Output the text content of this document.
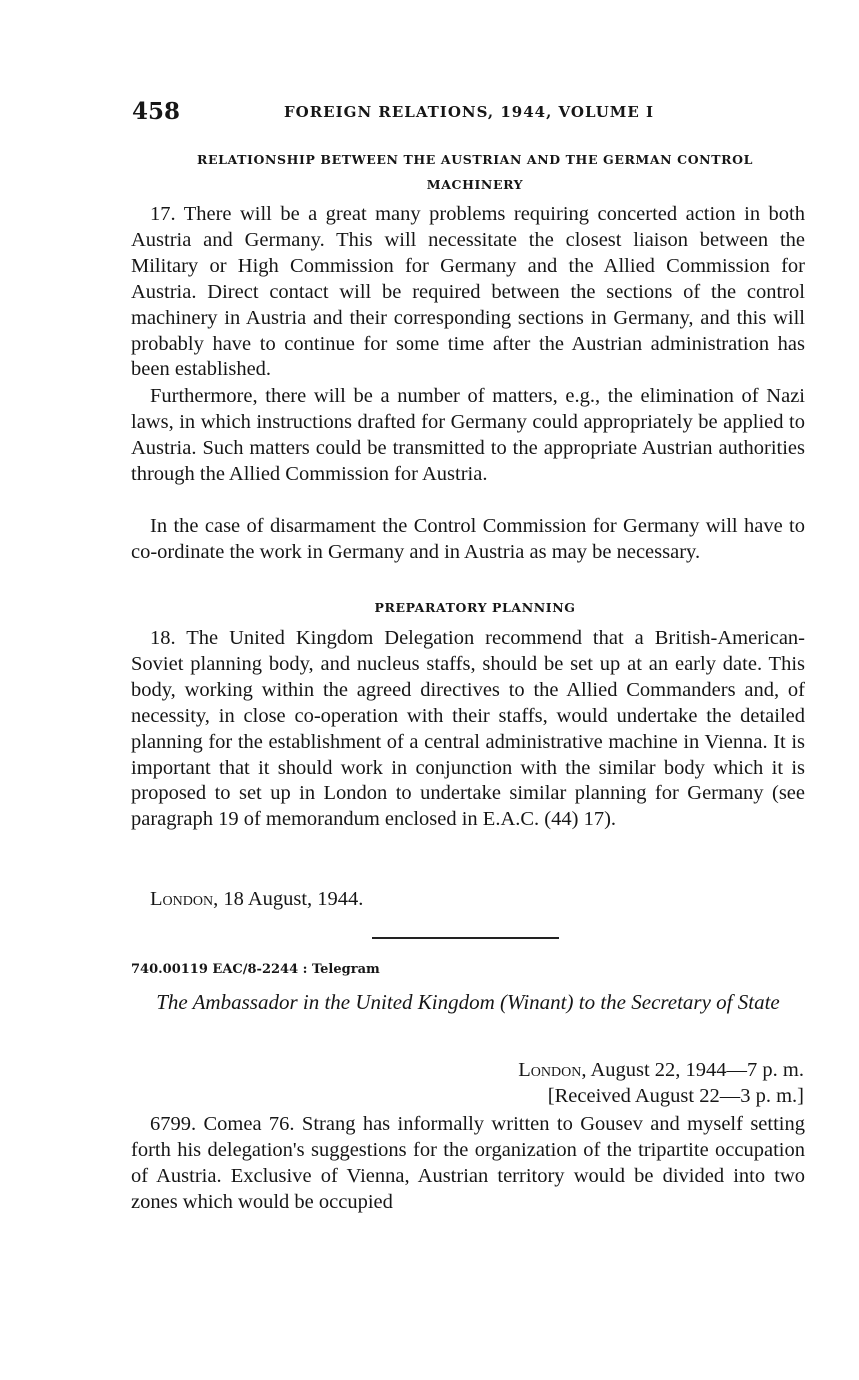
458	FOREIGN RELATIONS, 1944, VOLUME I
RELATIONSHIP BETWEEN THE AUSTRIAN AND THE GERMAN CONTROL
MACHINERY

17. There will be a great many problems requiring concerted action in both Austria and Germany. This will necessitate the closest liaison between the Military or High Commission for Germany and the Allied Commission for Austria. Direct contact will be required between the sections of the control machinery in Austria and their corresponding sections in Germany, and this will probably have to continue for some time after the Austrian administration has been established.

Furthermore, there will be a number of matters, e.g., the elimination of Nazi laws, in which instructions drafted for Germany could appropriately be applied to Austria. Such matters could be transmitted to the appropriate Austrian authorities through the Allied Commission for Austria.

In the case of disarmament the Control Commission for Germany will have to co-ordinate the work in Germany and in Austria as may be necessary.

PREPARATORY PLANNING

18. The United Kingdom Delegation recommend that a British-American-Soviet planning body, and nucleus staffs, should be set up at an early date. This body, working within the agreed directives to the Allied Commanders and, of necessity, in close co-operation with their staffs, would undertake the detailed planning for the establishment of a central administrative machine in Vienna. It is important that it should work in conjunction with the similar body which it is proposed to set up in London to undertake similar planning for Germany (see paragraph 19 of memorandum enclosed in E.A.C. (44) 17).

London, 18 August, 1944.
740.00119 EAC/8-2244 : Telegram
The Ambassador in the United Kingdom (Winant) to the Secretary of State
London, August 22, 1944—7 p. m.
[Received August 22—3 p. m.]

6799. Comea 76. Strang has informally written to Gousev and myself setting forth his delegation's suggestions for the organization of the tripartite occupation of Austria. Exclusive of Vienna, Austrian territory would be divided into two zones which would be occupied
